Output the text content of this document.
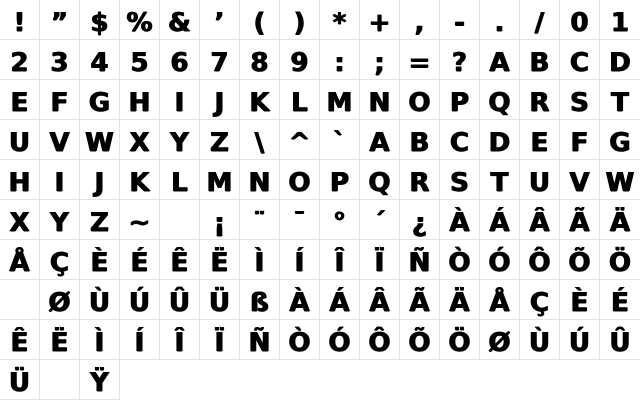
! ” $ % & ’ ( ) * + , - . / 0 1
2 3 4 5 6 7 8 9 : ; = ? A B C D
E F G H I J K L M N O P Q R S T
U V W X Y Z \ ^ ` A B C D E F G
H I J K L M N O P Q R S T U V W
X Y Z ~ ¡ ¨ ¯ ° ´ ¿ À Á Â Ã Ä
Å Ç È É Ê Ë Ì Í Î Ï Ñ Ò Ó Ô Õ Ö
Ø Ù Ú Û Ü ß À Á Â Ã Ä Å Ç È É
Ê Ë Ì Í Î Ï Ñ Ò Ó Ô Õ Ö Ø Ù Ú Û
Ü Ÿ
